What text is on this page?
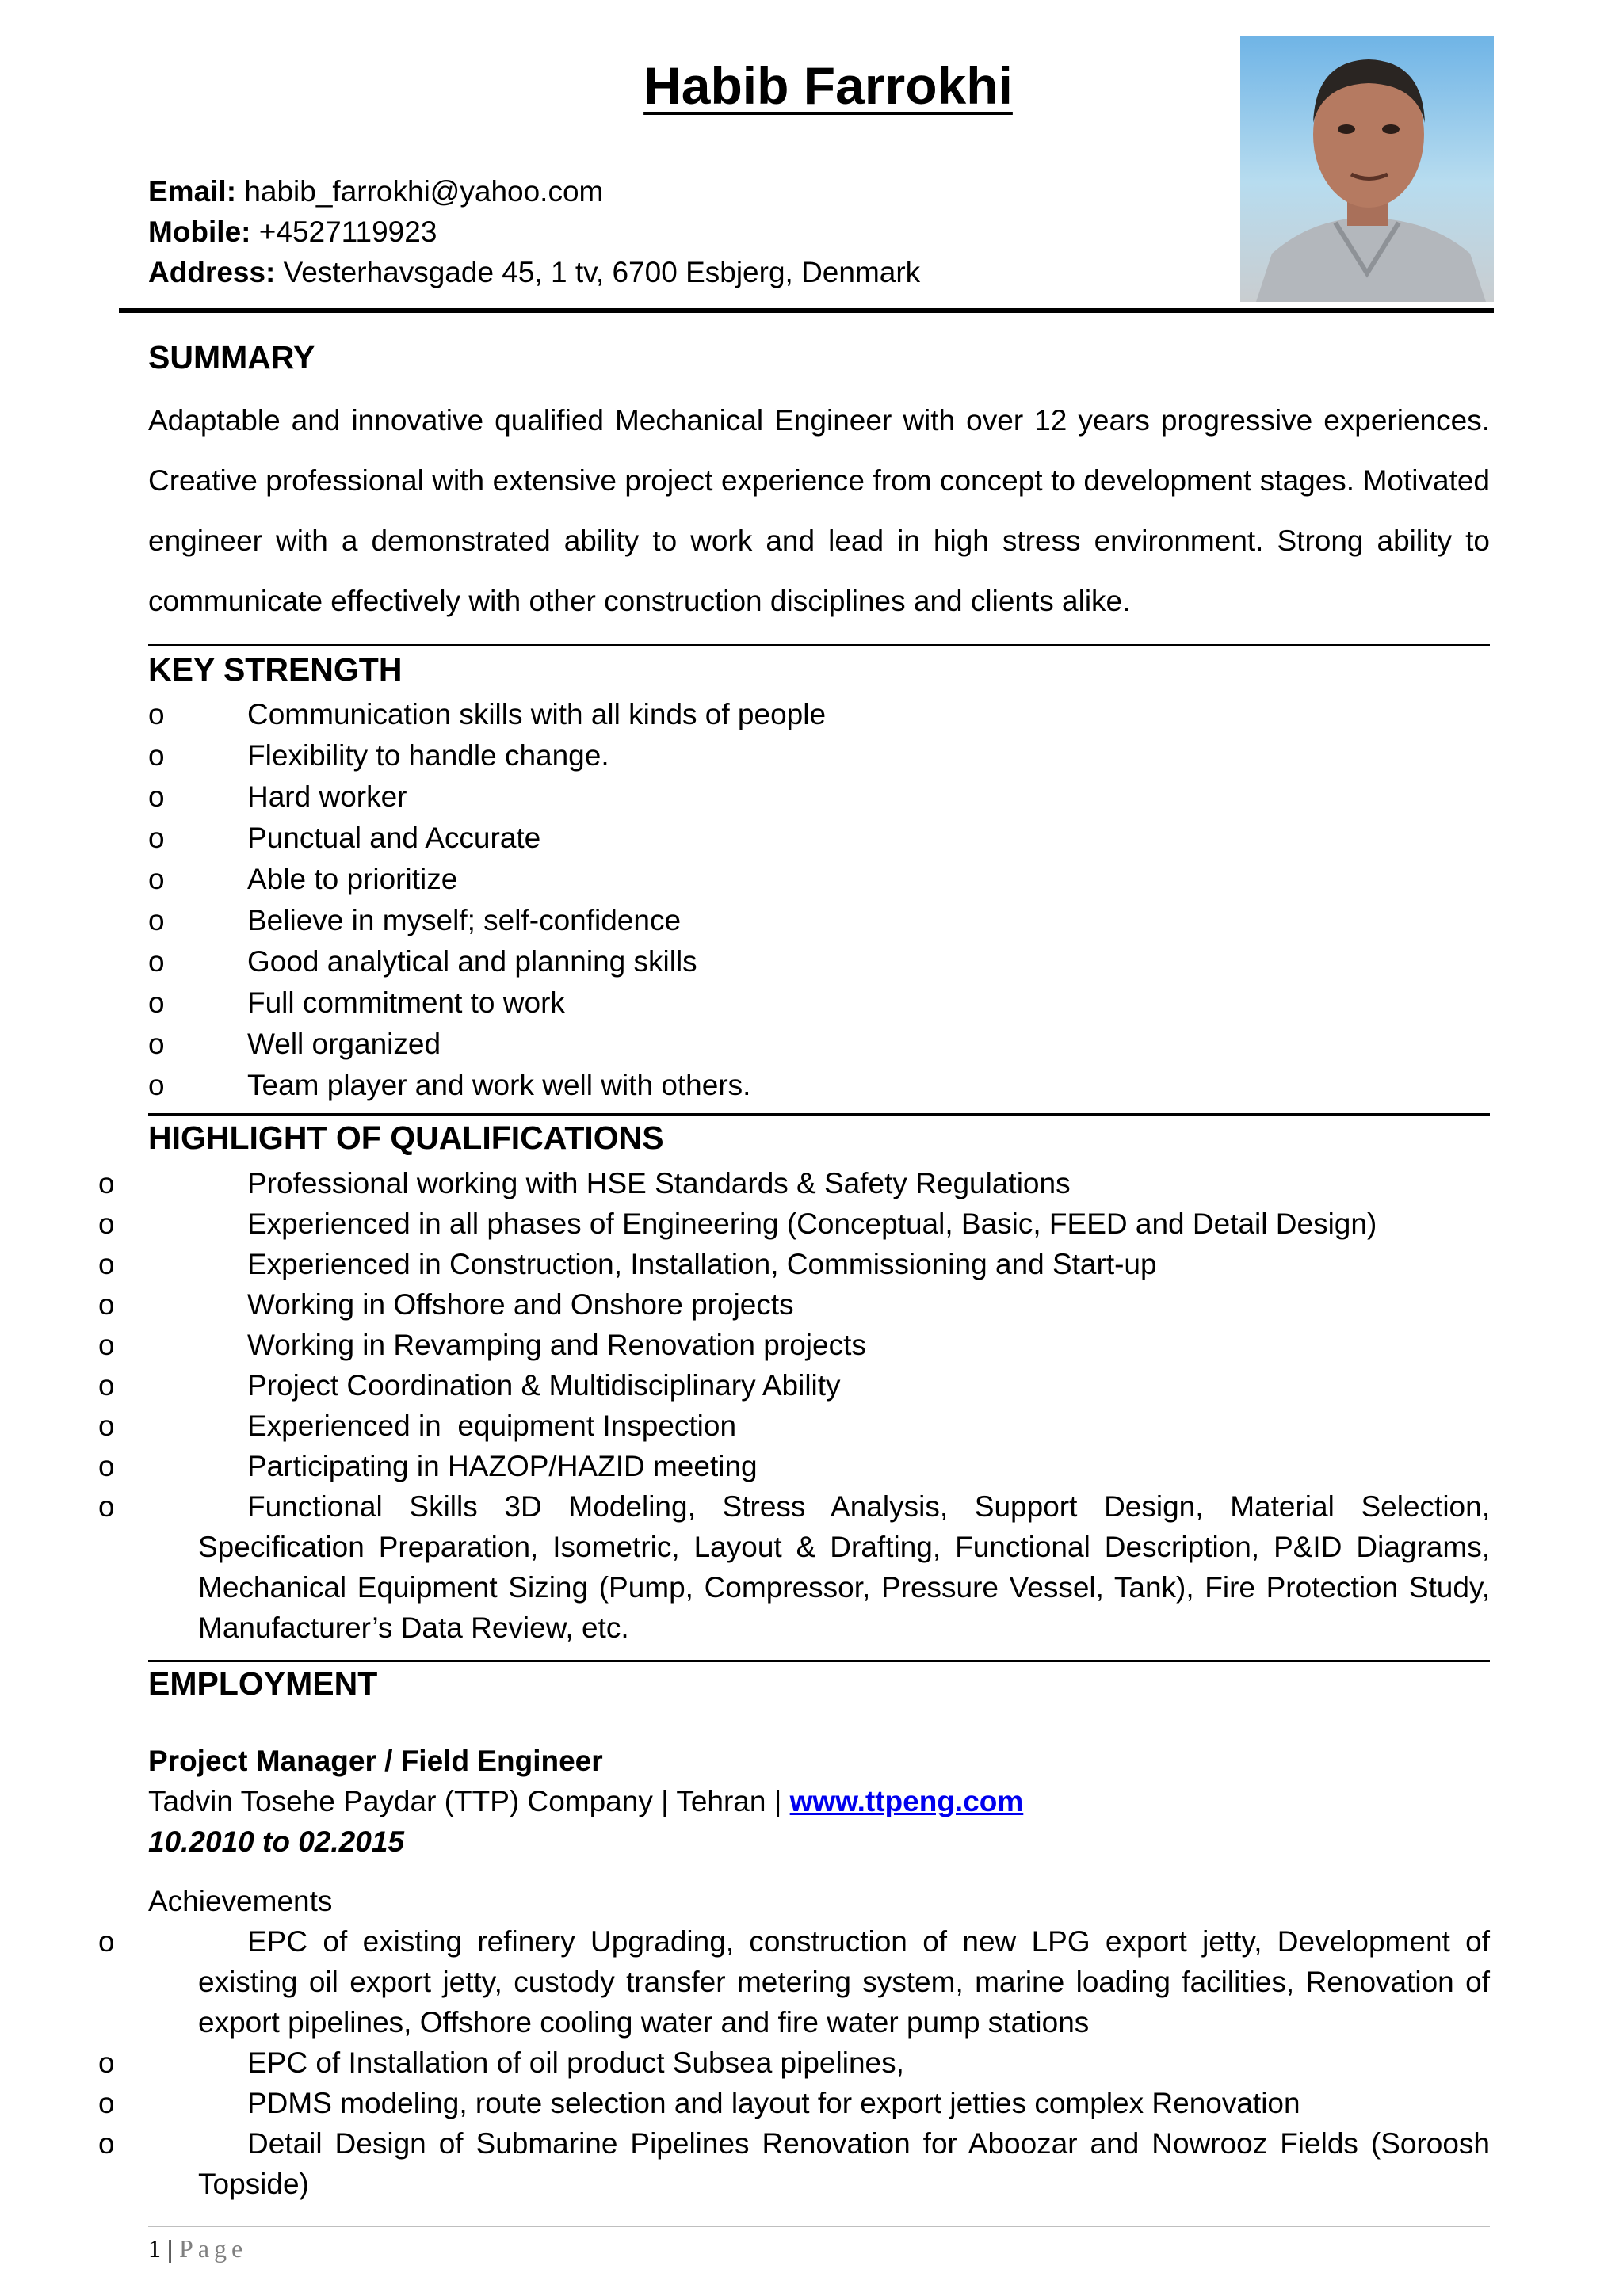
Habib Farrokhi
Email: habib_farrokhi@yahoo.com
Mobile: +4527119923
Address: Vesterhavsgade 45, 1 tv, 6700 Esbjerg, Denmark
SUMMARY
Adaptable and innovative qualified Mechanical Engineer with over 12 years progressive experiences. Creative professional with extensive project experience from concept to development stages. Motivated engineer with a demonstrated ability to work and lead in high stress environment. Strong ability to communicate effectively with other construction disciplines and clients alike.
KEY STRENGTH
o	Communication skills with all kinds of people
o	Flexibility to handle change.
o	Hard worker
o	Punctual and Accurate
o	Able to prioritize
o	Believe in myself; self-confidence
o	Good analytical and planning skills
o	Full commitment to work
o	Well organized
o	Team player and work well with others.
HIGHLIGHT OF QUALIFICATIONS
o	Professional working with HSE Standards & Safety Regulations
o	Experienced in all phases of Engineering (Conceptual, Basic, FEED and Detail Design)
o	Experienced in Construction, Installation, Commissioning and Start-up
o	Working in Offshore and Onshore projects
o	Working in Revamping and Renovation projects
o	Project Coordination & Multidisciplinary Ability
o	Experienced in  equipment Inspection
o	Participating in HAZOP/HAZID meeting
o	Functional Skills 3D Modeling, Stress Analysis, Support Design, Material Selection, Specification Preparation, Isometric, Layout & Drafting, Functional Description, P&ID Diagrams, Mechanical Equipment Sizing (Pump, Compressor, Pressure Vessel, Tank), Fire Protection Study, Manufacturer’s Data Review, etc.
EMPLOYMENT
Project Manager / Field Engineer
Tadvin Tosehe Paydar (TTP) Company | Tehran | www.ttpeng.com
10.2010 to 02.2015
Achievements
o	EPC of existing refinery Upgrading, construction of new LPG export jetty, Development of existing oil export jetty, custody transfer metering system, marine loading facilities, Renovation of export pipelines, Offshore cooling water and fire water pump stations
o	EPC of Installation of oil product Subsea pipelines,
o	PDMS modeling, route selection and layout for export jetties complex Renovation
o	Detail Design of Submarine Pipelines Renovation for Aboozar and Nowrooz Fields (Soroosh Topside)
1 | Page
